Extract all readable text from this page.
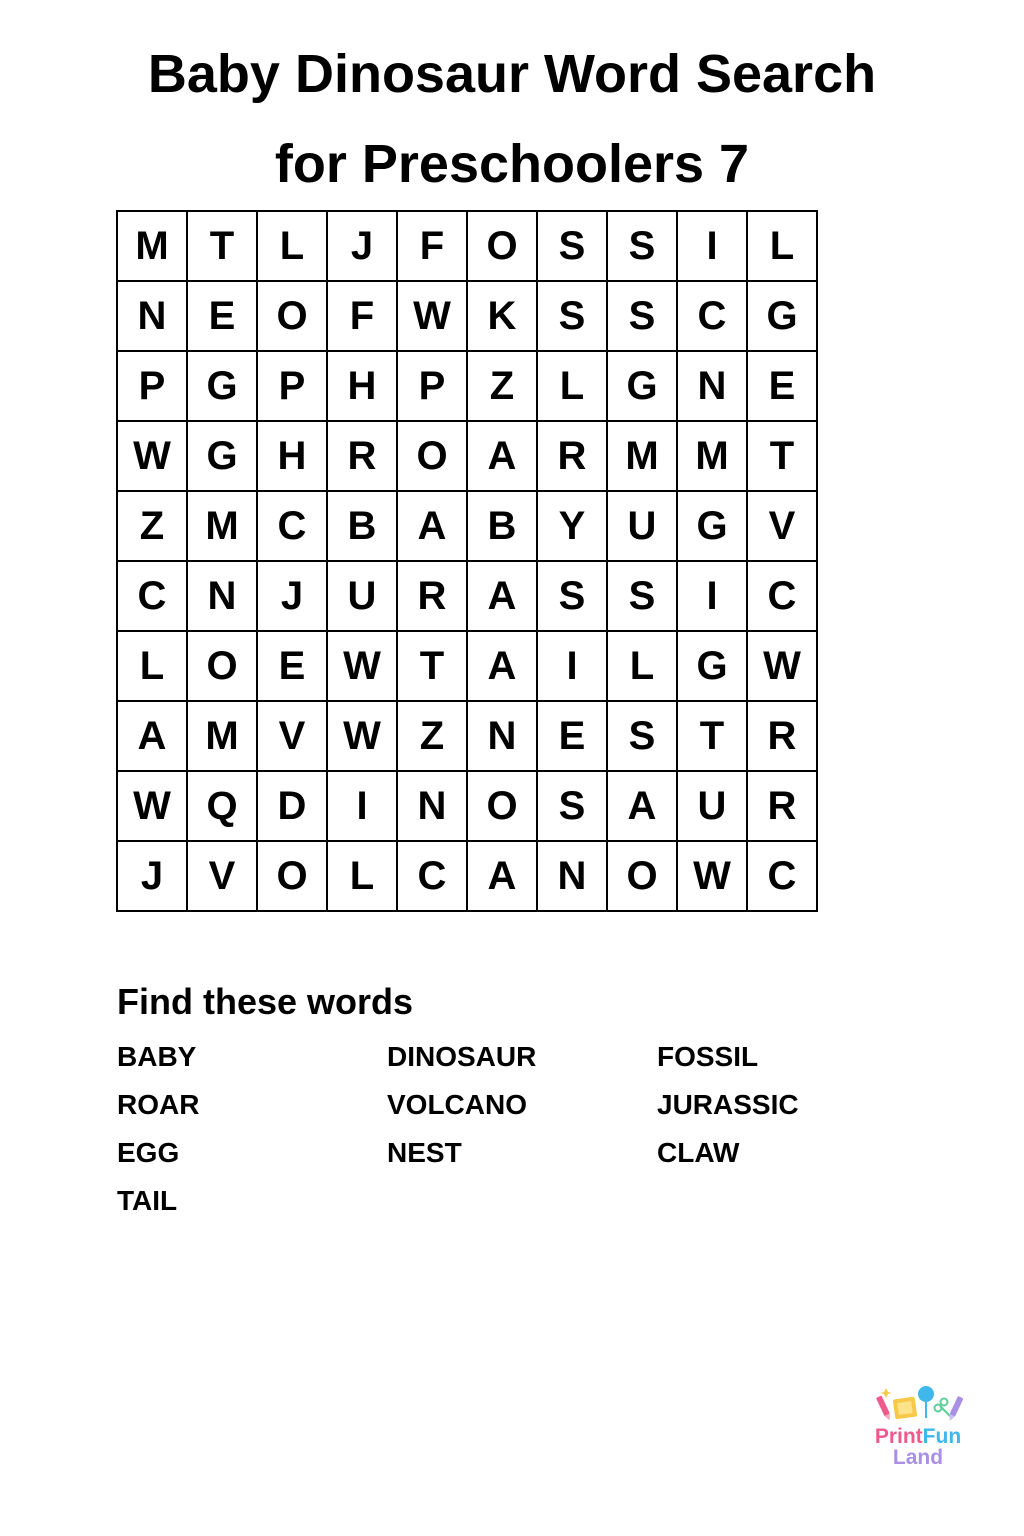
Baby Dinosaur Word Search
for Preschoolers 7
M	T	L	J	F	O	S	S	I	L
N	E	O	F W K	S	S	C	G
P	G	P	H	P	Z	L	G N	E
W G H	R	O A	R M M	T
Z	M C	B	A	B	Y	U	G	V
C	N	J	U	R	A	S	S	I	C
L	O	E W T	A	I	L	G W
A M	V W Z	N	E	S	T	R
W Q D	I	N	O	S	A	U	R
J	V	O	L	C	A	N	O W C
Find these words
BABY	DINOSAUR	FOSSIL
ROAR	VOLCANO	JURASSIC
EGG	NEST	CLAW
TAIL
PrintFun
Land
